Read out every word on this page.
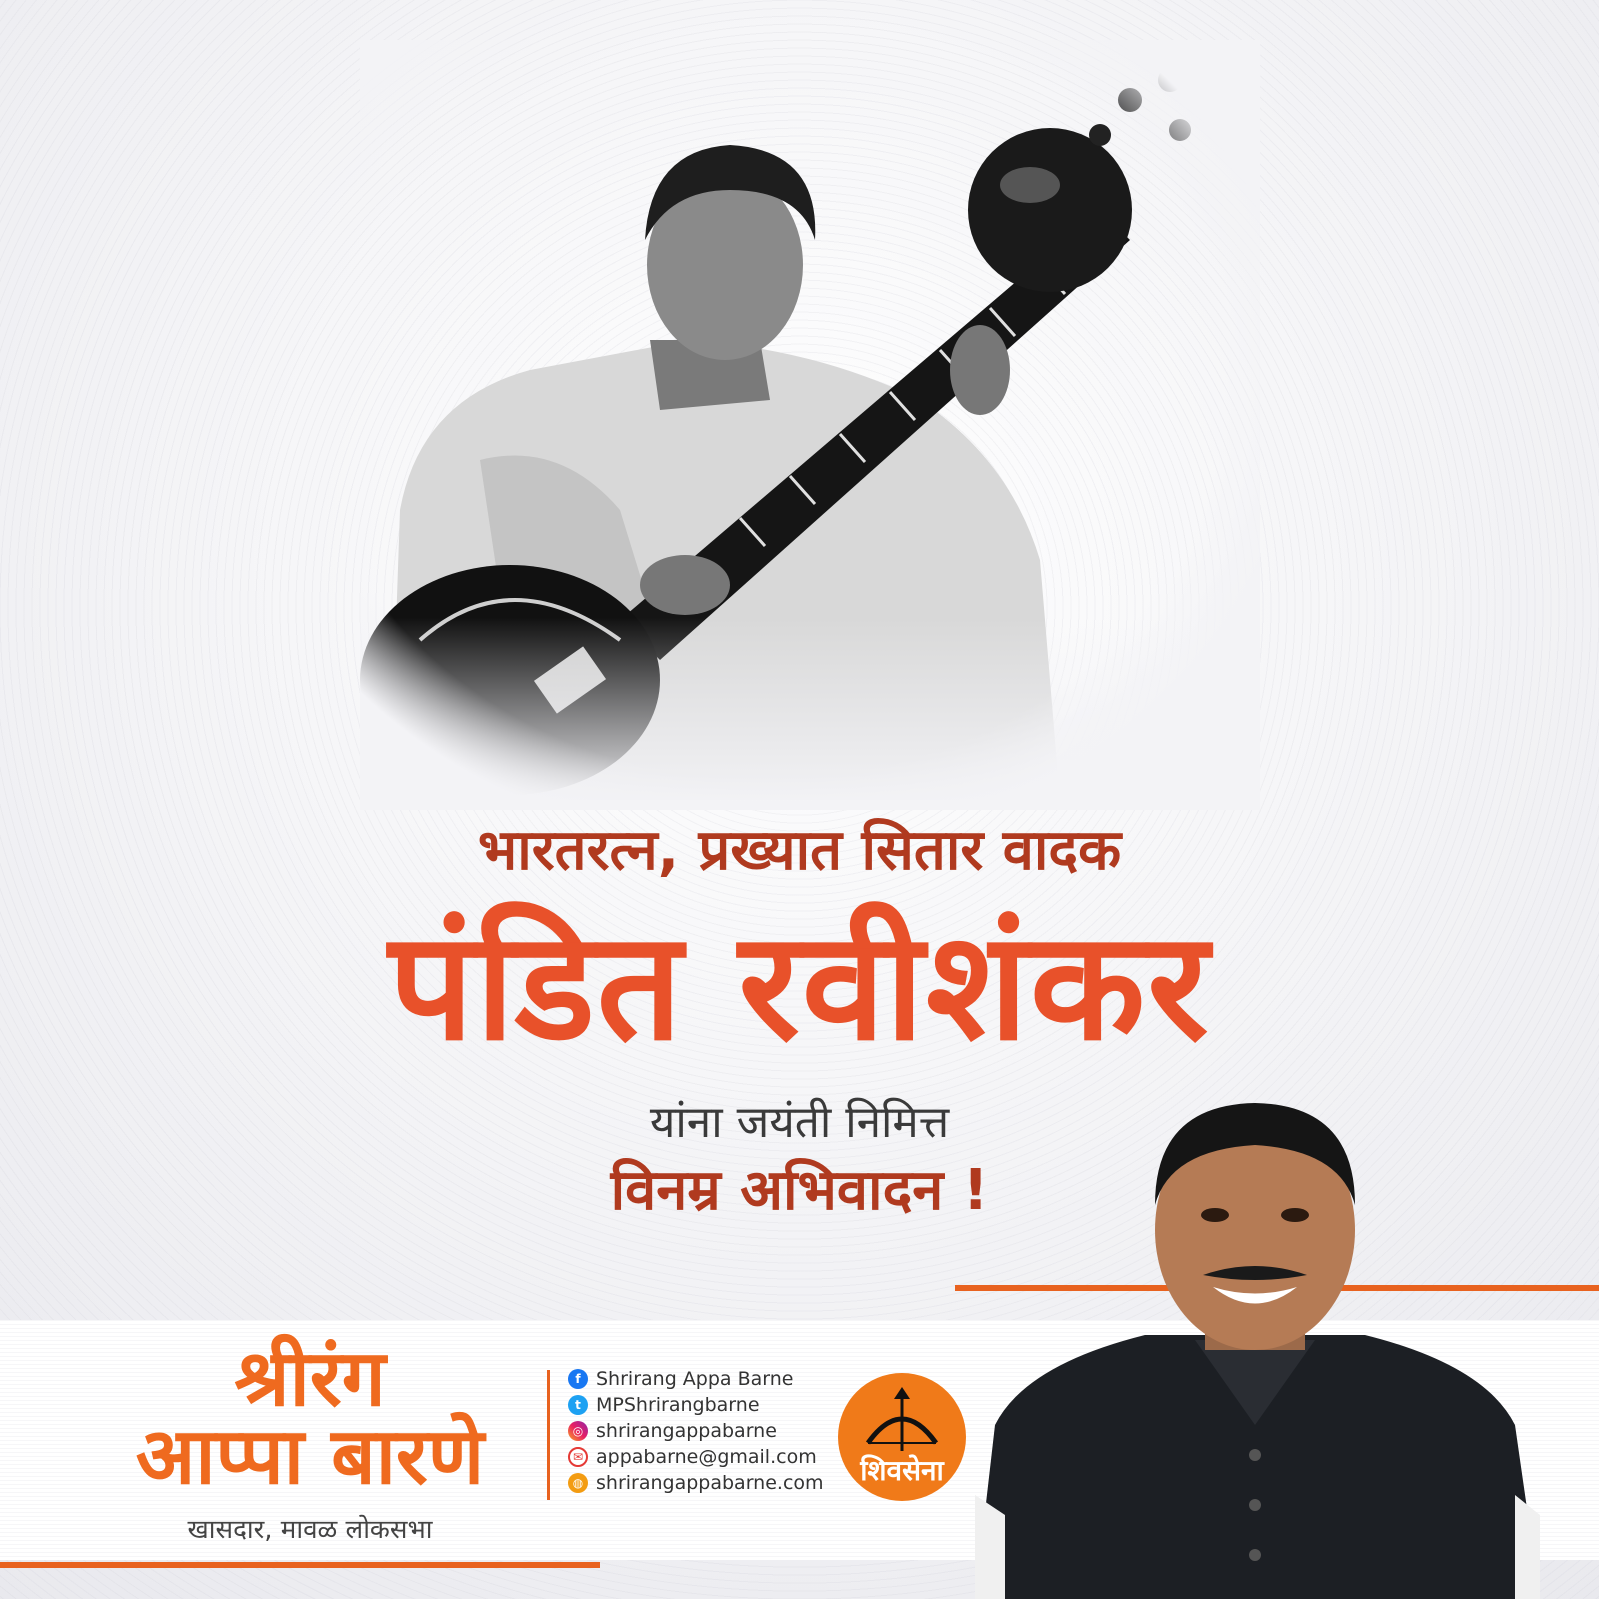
भारतरत्न, प्रख्यात सितार वादक
पंडित रवीशंकर

यांना जयंती निमित्त

विनम्र अभिवादन !

श्रीरंग
आप्पा बारणे
खासदार, मावळ लोकसभा
f Shrirang Appa Barne
t MPShrirangbarne
◎ shrirangappabarne
✉ appabarne@gmail.com
◍ shrirangappabarne.com	शिवसेना
